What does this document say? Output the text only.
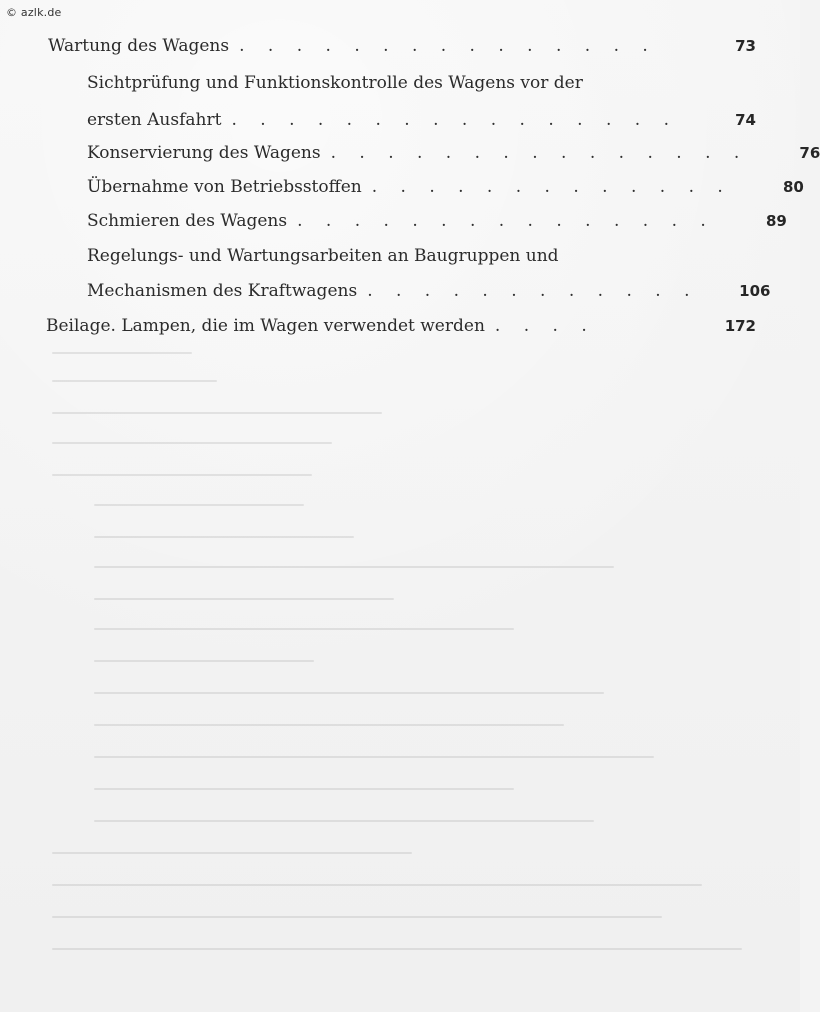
© azlk.de
Wartung des Wagens . . . . . . . . . . . . . . .	73
Sichtprüfung und Funktionskontrolle des Wagens vor der
ersten Ausfahrt . . . . . . . . . . . . . . . .	74
Konservierung des Wagens . . . . . . . . . . . . . . .	76
Übernahme von Betriebsstoffen . . . . . . . . . . . . .	80
Schmieren des Wagens . . . . . . . . . . . . . . .	89
Regelungs- und Wartungsarbeiten an Baugruppen und
Mechanismen des Kraftwagens . . . . . . . . . . . .	106
Beilage. Lampen, die im Wagen verwendet werden . . . .	172
